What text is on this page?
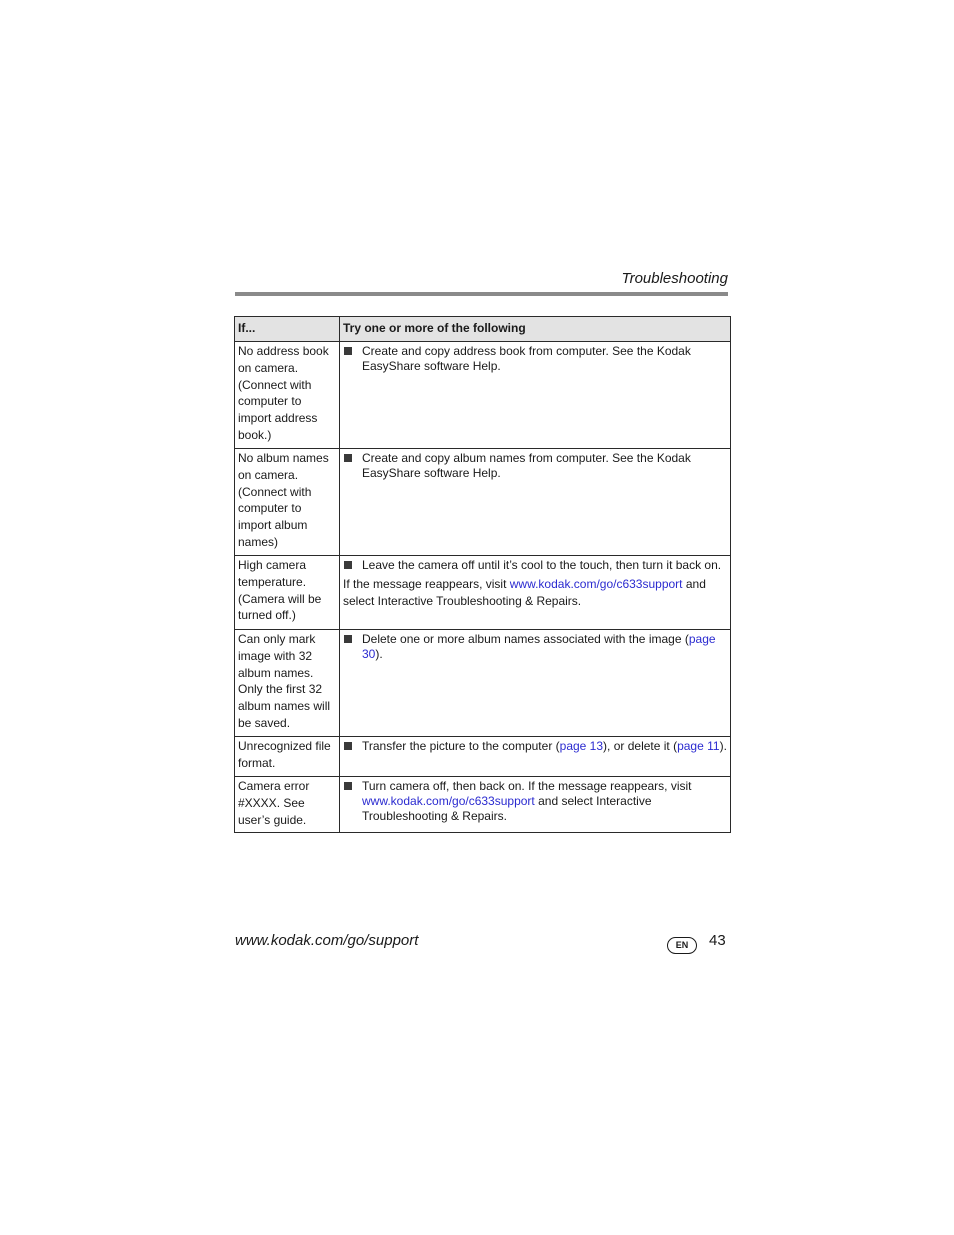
Troubleshooting
If...	Try one or more of the following
No address book on camera. (Connect with computer to import address book.)	Create and copy address book from computer. See the Kodak EasyShare software Help.

No album names on camera. (Connect with computer to import album names)	Create and copy album names from computer. See the Kodak EasyShare software Help.

High camera temperature. (Camera will be turned off.)	Leave the camera off until it’s cool to the touch, then turn it back on.
If the message reappears, visit www.kodak.com/go/c633support and select Interactive Troubleshooting & Repairs.

Can only mark image with 32 album names. Only the first 32 album names will be saved.	Delete one or more album names associated with the image (page 30).

Unrecognized file format.	Transfer the picture to the computer (page 13), or delete it (page 11).

Camera error #XXXX. See user’s guide.	Turn camera off, then back on. If the message reappears, visit www.kodak.com/go/c633support and select Interactive Troubleshooting & Repairs.
www.kodak.com/go/support	EN	43
